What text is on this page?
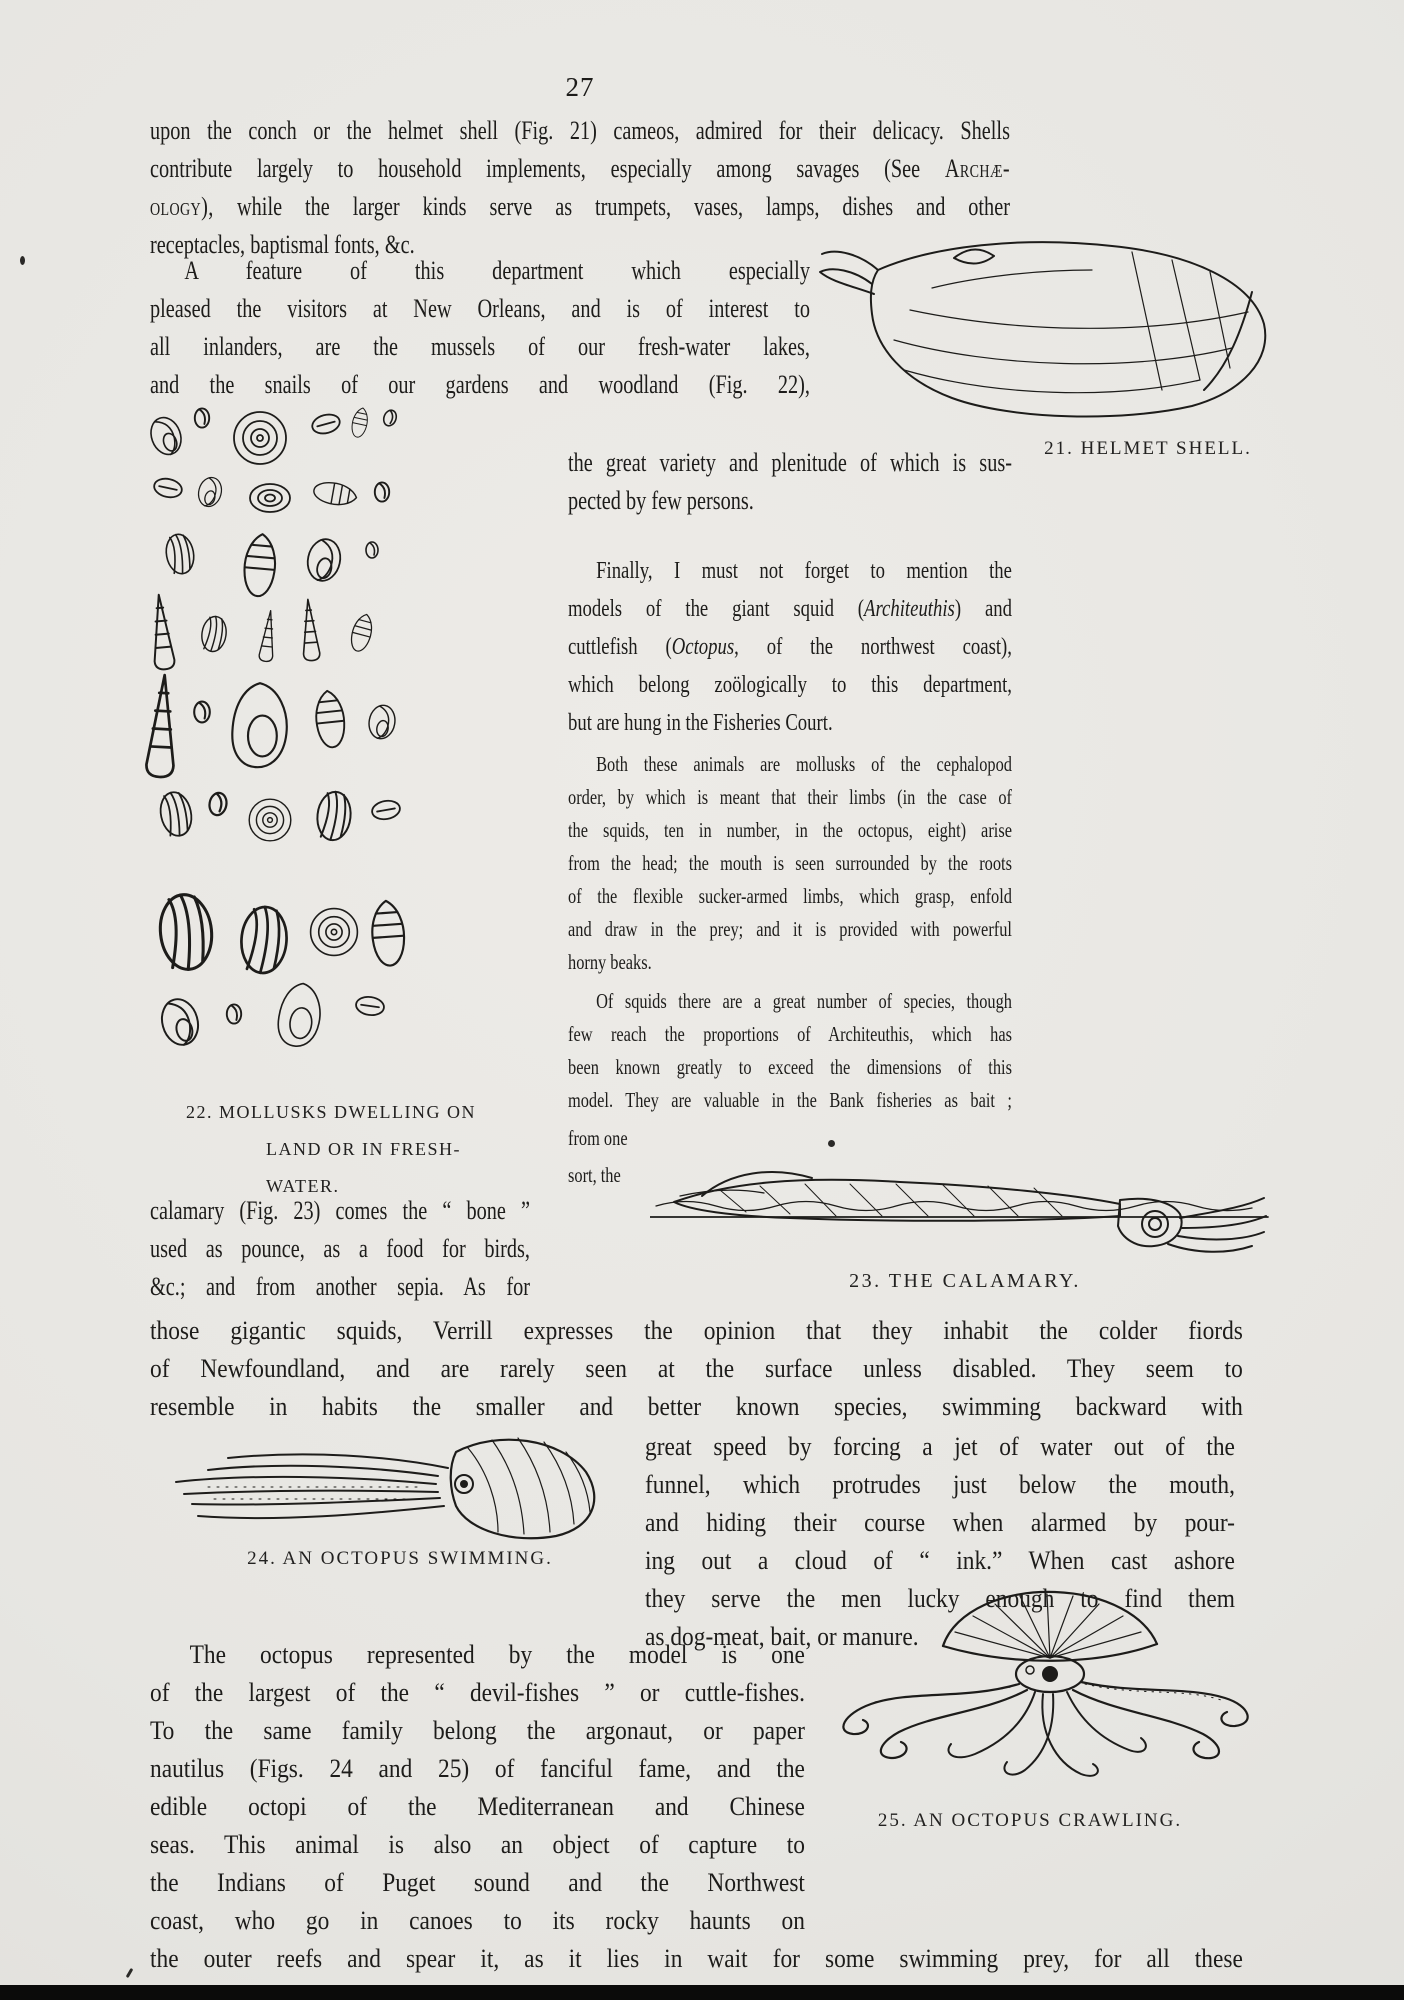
27
upon the conch or the helmet shell (Fig. 21) cameos, admired for their delicacy. Shells
contribute largely to household implements, especially among savages (See Archæ-
ology), while the larger kinds serve as trumpets, vases, lamps, dishes and other
receptacles, baptismal fonts, &c.
A feature of this department which especially
pleased the visitors at New Orleans, and is of interest to
all inlanders, are the mussels of our fresh-water lakes,
and the snails of our gardens and woodland (Fig. 22),
21. HELMET SHELL.
the great variety and plenitude of which is sus-
pected by few persons.
Finally, I must not forget to mention the
models of the giant squid (Architeuthis) and
cuttlefish (Octopus, of the northwest coast),
which belong zoölogically to this department,
but are hung in the Fisheries Court.
Both these animals are mollusks of the cephalopod
order, by which is meant that their limbs (in the case of
the squids, ten in number, in the octopus, eight) arise
from the head; the mouth is seen surrounded by the roots
of the flexible sucker-armed limbs, which grasp, enfold
and draw in the prey; and it is provided with powerful
horny beaks.
Of squids there are a great number of species, though
few reach the proportions of Architeuthis, which has
been known greatly to exceed the dimensions of this
model. They are valuable in the Bank fisheries as bait ;
from one
sort, the
22. MOLLUSKS DWELLING ON
LAND OR IN FRESH-
WATER.
calamary (Fig. 23) comes the “ bone ”
used as pounce, as a food for birds,
&c.; and from another sepia. As for	23. THE CALAMARY.
those gigantic squids, Verrill expresses the opinion that they inhabit the colder fiords
of Newfoundland, and are rarely seen at the surface unless disabled. They seem to
resemble in habits the smaller and better known species, swimming backward with
24. AN OCTOPUS SWIMMING.
great speed by forcing a jet of water out of the
funnel, which protrudes just below the mouth,
and hiding their course when alarmed by pour-
ing out a cloud of “ ink.” When cast ashore
they serve the men lucky enough to find them
as dog-meat, bait, or manure.
The octopus represented by the model is one
of the largest of the “ devil-fishes ” or cuttle-fishes.
To the same family belong the argonaut, or paper
nautilus (Figs. 24 and 25) of fanciful fame, and the
edible octopi of the Mediterranean and Chinese
seas. This animal is also an object of capture to
the Indians of Puget sound and the Northwest
coast, who go in canoes to its rocky haunts on
25. AN OCTOPUS CRAWLING.
the outer reefs and spear it, as it lies in wait for some swimming prey, for all these
